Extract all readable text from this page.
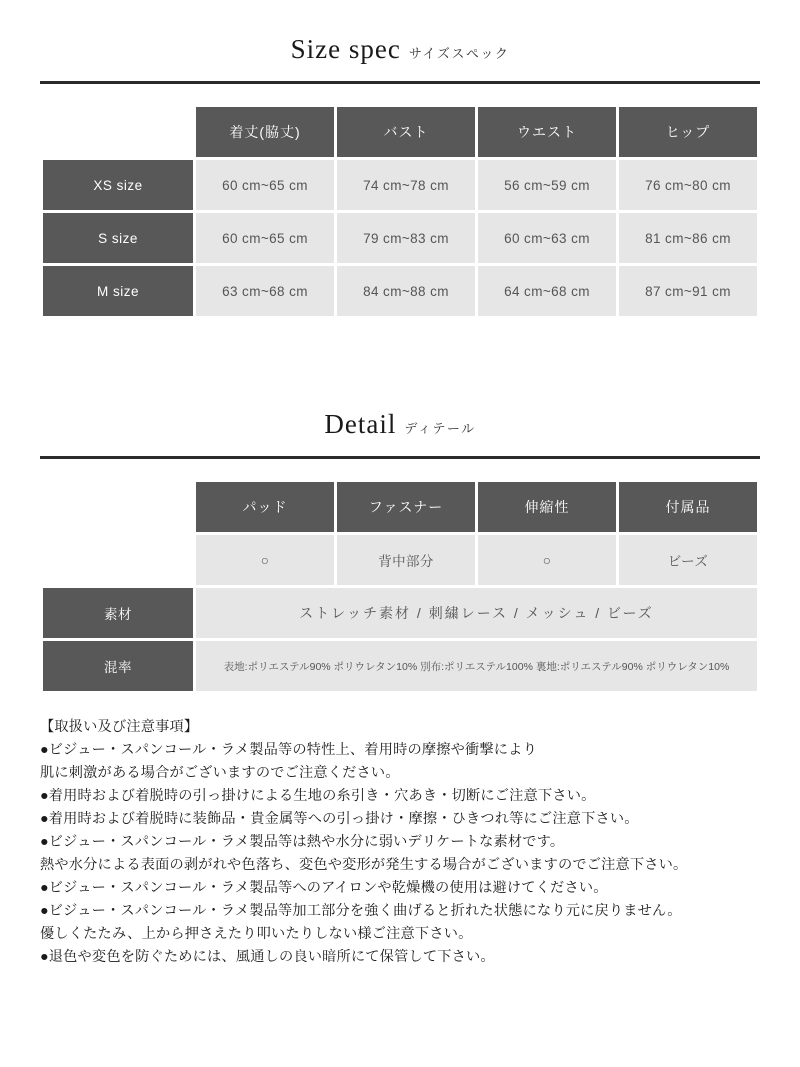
Size spec サイズスペック
	着丈(脇丈)	バスト	ウエスト	ヒップ
XS size	60 cm~65 cm	74 cm~78 cm	56 cm~59 cm	76 cm~80 cm
S size	60 cm~65 cm	79 cm~83 cm	60 cm~63 cm	81 cm~86 cm
M size	63 cm~68 cm	84 cm~88 cm	64 cm~68 cm	87 cm~91 cm
Detail ディテール
	パッド	ファスナー	伸縮性	付属品
	○	背中部分	○	ビーズ
素材	ストレッチ素材 / 刺繍レース / メッシュ / ビーズ			
混率	表地:ポリエステル90% ポリウレタン10% 別布:ポリエステル100% 裏地:ポリエステル90% ポリウレタン10%			
【取扱い及び注意事項】
●ビジュー・スパンコール・ラメ製品等の特性上、着用時の摩擦や衝撃により
肌に刺激がある場合がございますのでご注意ください。
●着用時および着脱時の引っ掛けによる生地の糸引き・穴あき・切断にご注意下さい。
●着用時および着脱時に装飾品・貴金属等への引っ掛け・摩擦・ひきつれ等にご注意下さい。
●ビジュー・スパンコール・ラメ製品等は熱や水分に弱いデリケートな素材です。
熱や水分による表面の剥がれや色落ち、変色や変形が発生する場合がございますのでご注意下さい。
●ビジュー・スパンコール・ラメ製品等へのアイロンや乾燥機の使用は避けてください。
●ビジュー・スパンコール・ラメ製品等加工部分を強く曲げると折れた状態になり元に戻りません。
優しくたたみ、上から押さえたり叩いたりしない様ご注意下さい。
●退色や変色を防ぐためには、風通しの良い暗所にて保管して下さい。
